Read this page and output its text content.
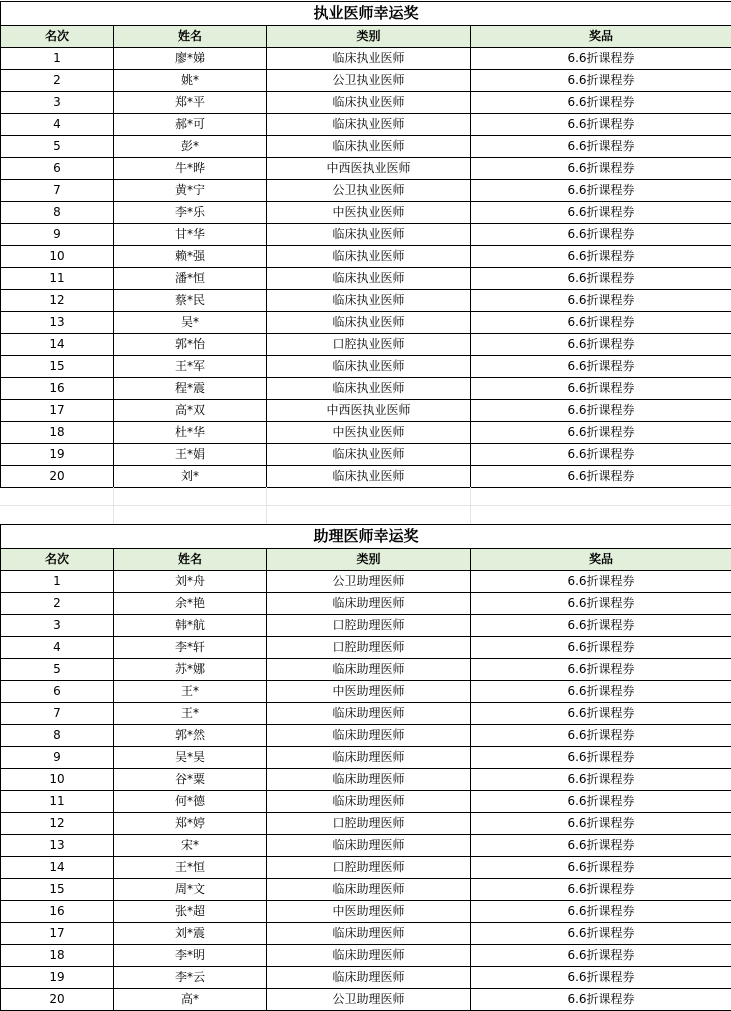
执业医师幸运奖			
名次	姓名	类别	奖品
1	廖*娣	临床执业医师	6.6折课程券
2	姚*	公卫执业医师	6.6折课程券
3	郑*平	临床执业医师	6.6折课程券
4	郝*可	临床执业医师	6.6折课程券
5	彭*	临床执业医师	6.6折课程券
6	牛*晔	中西医执业医师	6.6折课程券
7	黄*宁	公卫执业医师	6.6折课程券
8	李*乐	中医执业医师	6.6折课程券
9	甘*华	临床执业医师	6.6折课程券
10	赖*强	临床执业医师	6.6折课程券
11	潘*恒	临床执业医师	6.6折课程券
12	蔡*民	临床执业医师	6.6折课程券
13	吴*	临床执业医师	6.6折课程券
14	郭*怡	口腔执业医师	6.6折课程券
15	王*军	临床执业医师	6.6折课程券
16	程*震	临床执业医师	6.6折课程券
17	高*双	中西医执业医师	6.6折课程券
18	杜*华	中医执业医师	6.6折课程券
19	王*娟	临床执业医师	6.6折课程券
20	刘*	临床执业医师	6.6折课程券
助理医师幸运奖			
名次	姓名	类别	奖品
1	刘*舟	公卫助理医师	6.6折课程券
2	余*艳	临床助理医师	6.6折课程券
3	韩*航	口腔助理医师	6.6折课程券
4	李*轩	口腔助理医师	6.6折课程券
5	苏*娜	临床助理医师	6.6折课程券
6	王*	中医助理医师	6.6折课程券
7	王*	临床助理医师	6.6折课程券
8	郭*然	临床助理医师	6.6折课程券
9	吴*昊	临床助理医师	6.6折课程券
10	谷*粟	临床助理医师	6.6折课程券
11	何*德	临床助理医师	6.6折课程券
12	郑*婷	口腔助理医师	6.6折课程券
13	宋*	临床助理医师	6.6折课程券
14	王*恒	口腔助理医师	6.6折课程券
15	周*文	临床助理医师	6.6折课程券
16	张*超	中医助理医师	6.6折课程券
17	刘*震	临床助理医师	6.6折课程券
18	李*明	临床助理医师	6.6折课程券
19	李*云	临床助理医师	6.6折课程券
20	高*	公卫助理医师	6.6折课程券
